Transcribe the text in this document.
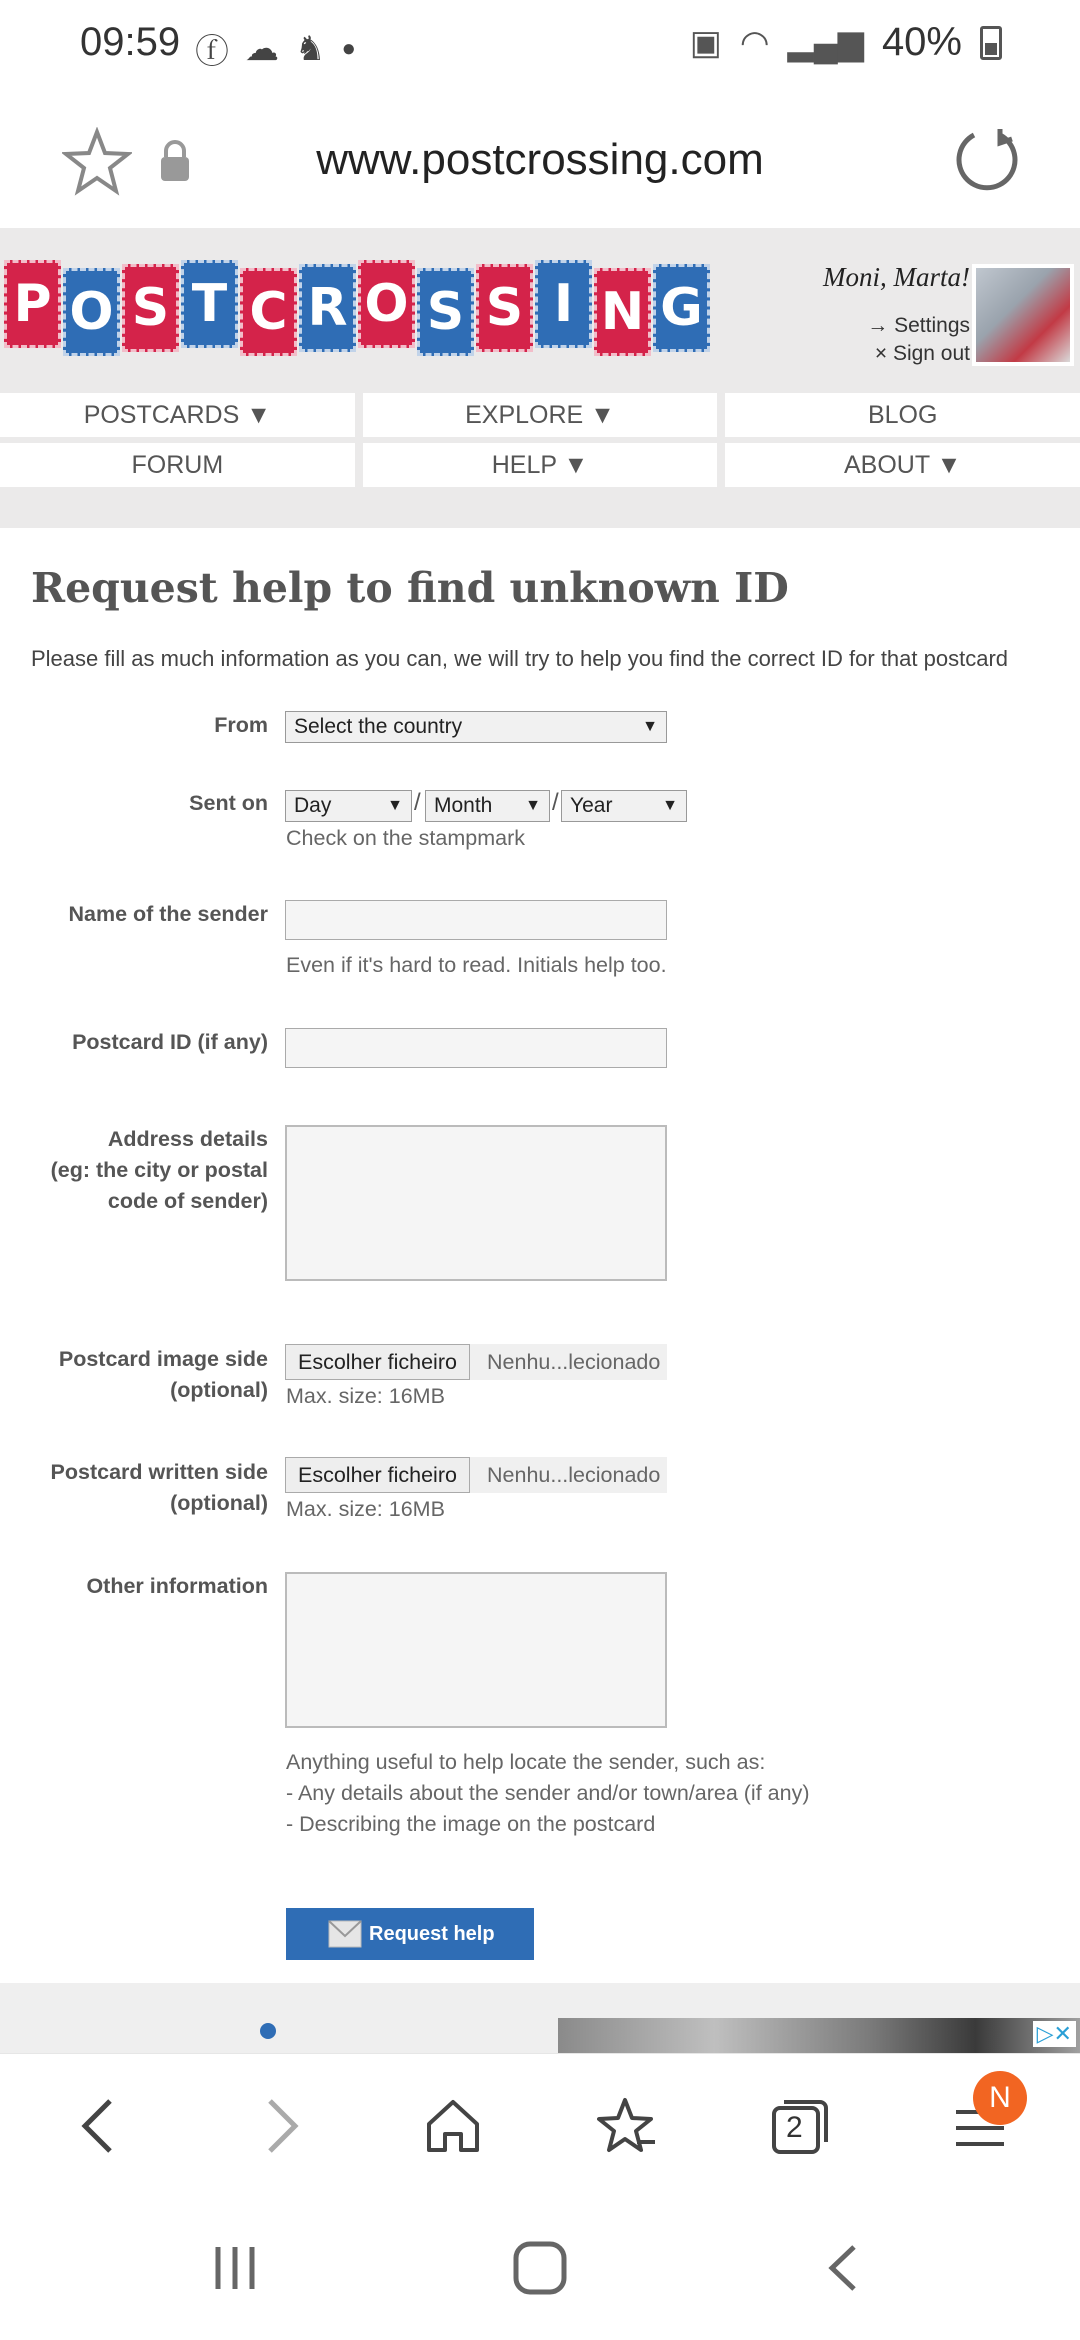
09:59 ⓕ ☁ ♞ ●	▣ ◠ ▂▄▆ 40%
www.postcrossing.com
P O S T C R O S S I N G
Moni, Marta!
→ Settings
× Sign out
POSTCARDS ▼	EXPLORE ▼	BLOG
FORUM	HELP ▼	ABOUT ▼
Request help to find unknown ID
Please fill as much information as you can, we will try to help you find the correct ID for that postcard
From	Select the country	▼
Sent on	Day	▼ / Month ▼ / Year	▼
Check on the stampmark
Name of the sender
Even if it's hard to read. Initials help too.
Postcard ID (if any)
Address details
(eg: the city or postal
code of sender)
Postcard image side
(optional)
Escolher ficheiro	Nenhu...lecionado
Max. size: 16MB
Postcard written side
(optional)
Escolher ficheiro	Nenhu...lecionado
Max. size: 16MB
Other information
Anything useful to help locate the sender, such as:
- Any details about the sender and/or town/area (if any)
- Describing the image on the postcard
Request help
▷✕
2
N
